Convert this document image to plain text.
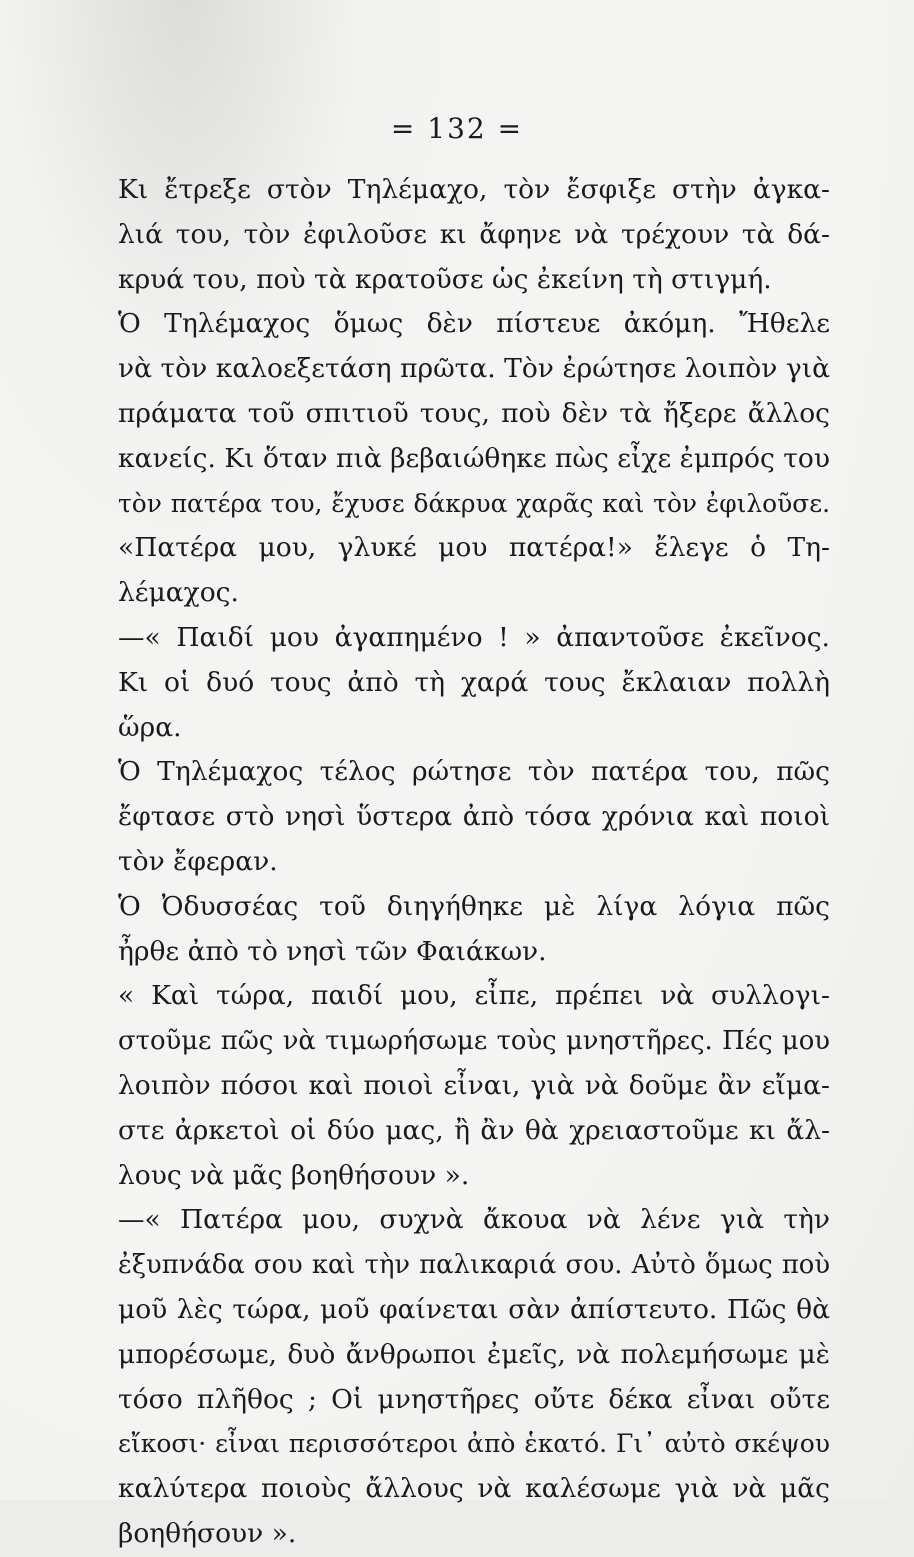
= 132 =
Κι ἔτρεξε στὸν Τηλέμαχο, τὸν ἔσφιξε στὴν ἀγκα-
λιά του, τὸν ἐφιλοῦσε κι ἄφηνε νὰ τρέχουν τὰ δά-
κρυά του, ποὺ τὰ κρατοῦσε ὡς ἐκείνη τὴ στιγμή.
Ὁ Τηλέμαχος ὅμως δὲν πίστευε ἀκόμη. Ἤθελε
νὰ τὸν καλοεξετάση πρῶτα. Τὸν ἐρώτησε λοιπὸν γιὰ
πράματα τοῦ σπιτιοῦ τους, ποὺ δὲν τὰ ἤξερε ἄλλος
κανείς. Κι ὅταν πιὰ βεβαιώθηκε πὼς εἶχε ἐμπρός του
τὸν πατέρα του, ἔχυσε δάκρυα χαρᾶς καὶ τὸν ἐφιλοῦσε.
«Πατέρα μου, γλυκέ μου πατέρα!» ἔλεγε ὁ Τη-
λέμαχος.
—« Παιδί μου ἀγαπημένο ! » ἀπαντοῦσε ἐκεῖνος.
Κι οἱ δυό τους ἀπὸ τὴ χαρά τους ἔκλαιαν πολλὴ
ὥρα.
Ὁ Τηλέμαχος τέλος ρώτησε τὸν πατέρα του, πῶς
ἔφτασε στὸ νησὶ ὕστερα ἀπὸ τόσα χρόνια καὶ ποιοὶ
τὸν ἔφεραν.
Ὁ Ὀδυσσέας τοῦ διηγήθηκε μὲ λίγα λόγια πῶς
ἦρθε ἀπὸ τὸ νησὶ τῶν Φαιάκων.
« Καὶ τώρα, παιδί μου, εἶπε, πρέπει νὰ συλλογι-
στοῦμε πῶς νὰ τιμωρήσωμε τοὺς μνηστῆρες. Πές μου
λοιπὸν πόσοι καὶ ποιοὶ εἶναι, γιὰ νὰ δοῦμε ἂν εἴμα-
στε ἀρκετοὶ οἱ δύο μας, ἢ ἂν θὰ χρειαστοῦμε κι ἄλ-
λους νὰ μᾶς βοηθήσουν ».
—« Πατέρα μου, συχνὰ ἄκουα νὰ λένε γιὰ τὴν
ἐξυπνάδα σου καὶ τὴν παλικαριά σου. Αὐτὸ ὅμως ποὺ
μοῦ λὲς τώρα, μοῦ φαίνεται σὰν ἀπίστευτο. Πῶς θὰ
μπορέσωμε, δυὸ ἄνθρωποι ἐμεῖς, νὰ πολεμήσωμε μὲ
τόσο πλῆθος ; Οἱ μνηστῆρες οὔτε δέκα εἶναι οὔτε
εἴκοσι· εἶναι περισσότεροι ἀπὸ ἑκατό. Γι᾿ αὐτὸ σκέψου
καλύτερα ποιοὺς ἄλλους νὰ καλέσωμε γιὰ νὰ μᾶς
βοηθήσουν ».
